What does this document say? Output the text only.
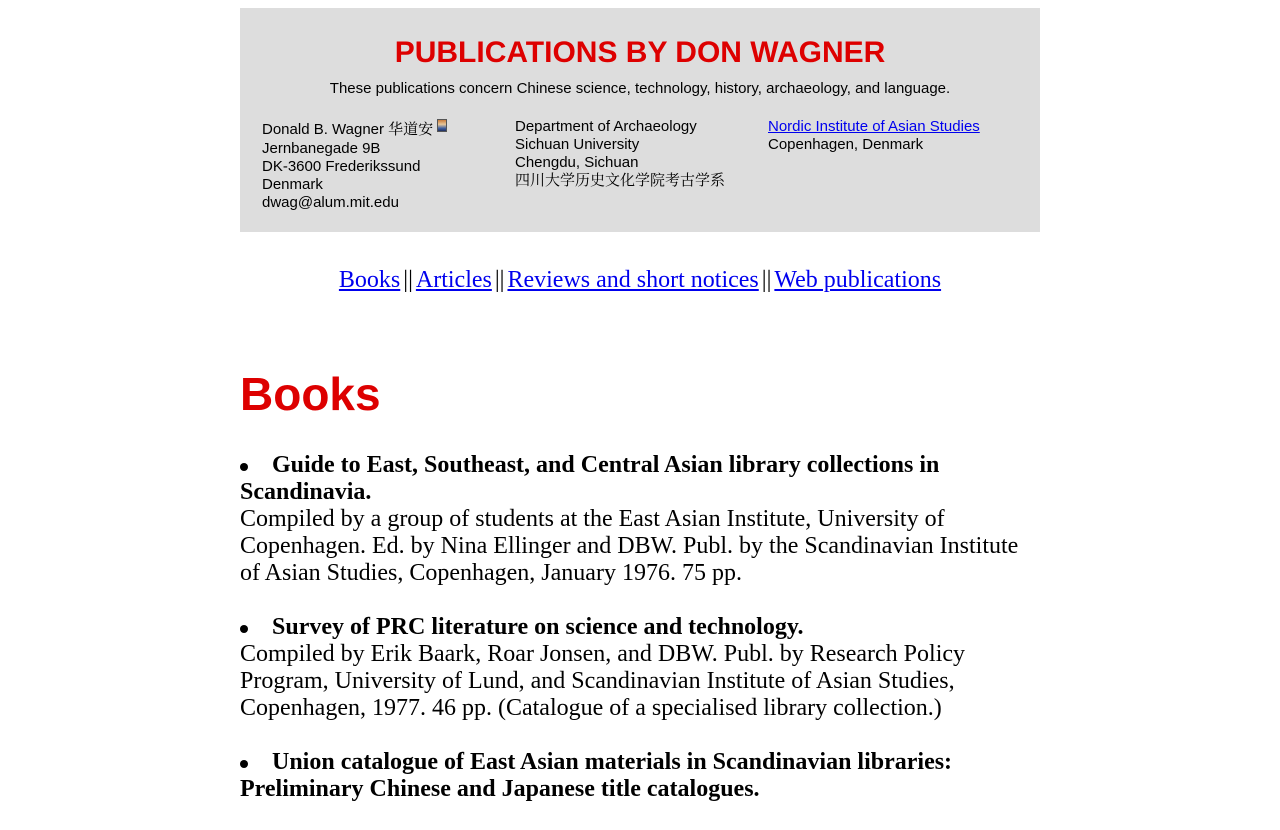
PUBLICATIONS BY DON WAGNER
These publications concern Chinese science, technology, history, archaeology, and language.
Donald B. Wagner 华道安
Jernbanegade 9B
DK-3600 Frederikssund
Denmark
dwag@alum.mit.edu
Department of Archaeology
Sichuan University
Chengdu, Sichuan
四川大学历史文化学院考古学系
Nordic Institute of Asian Studies
Copenhagen, Denmark
Books || Articles || Reviews and short notices || Web publications
Books
Guide to East, Southeast, and Central Asian library collections in Scandinavia.
Compiled by a group of students at the East Asian Institute, University of Copenhagen. Ed. by Nina Ellinger and DBW. Publ. by the Scandinavian Institute of Asian Studies, Copenhagen, January 1976. 75 pp.
Survey of PRC literature on science and technology.
Compiled by Erik Baark, Roar Jonsen, and DBW. Publ. by Research Policy Program, University of Lund, and Scandinavian Institute of Asian Studies, Copenhagen, 1977. 46 pp. (Catalogue of a specialised library collection.)
Union catalogue of East Asian materials in Scandinavian libraries: Preliminary Chinese and Japanese title catalogues.
